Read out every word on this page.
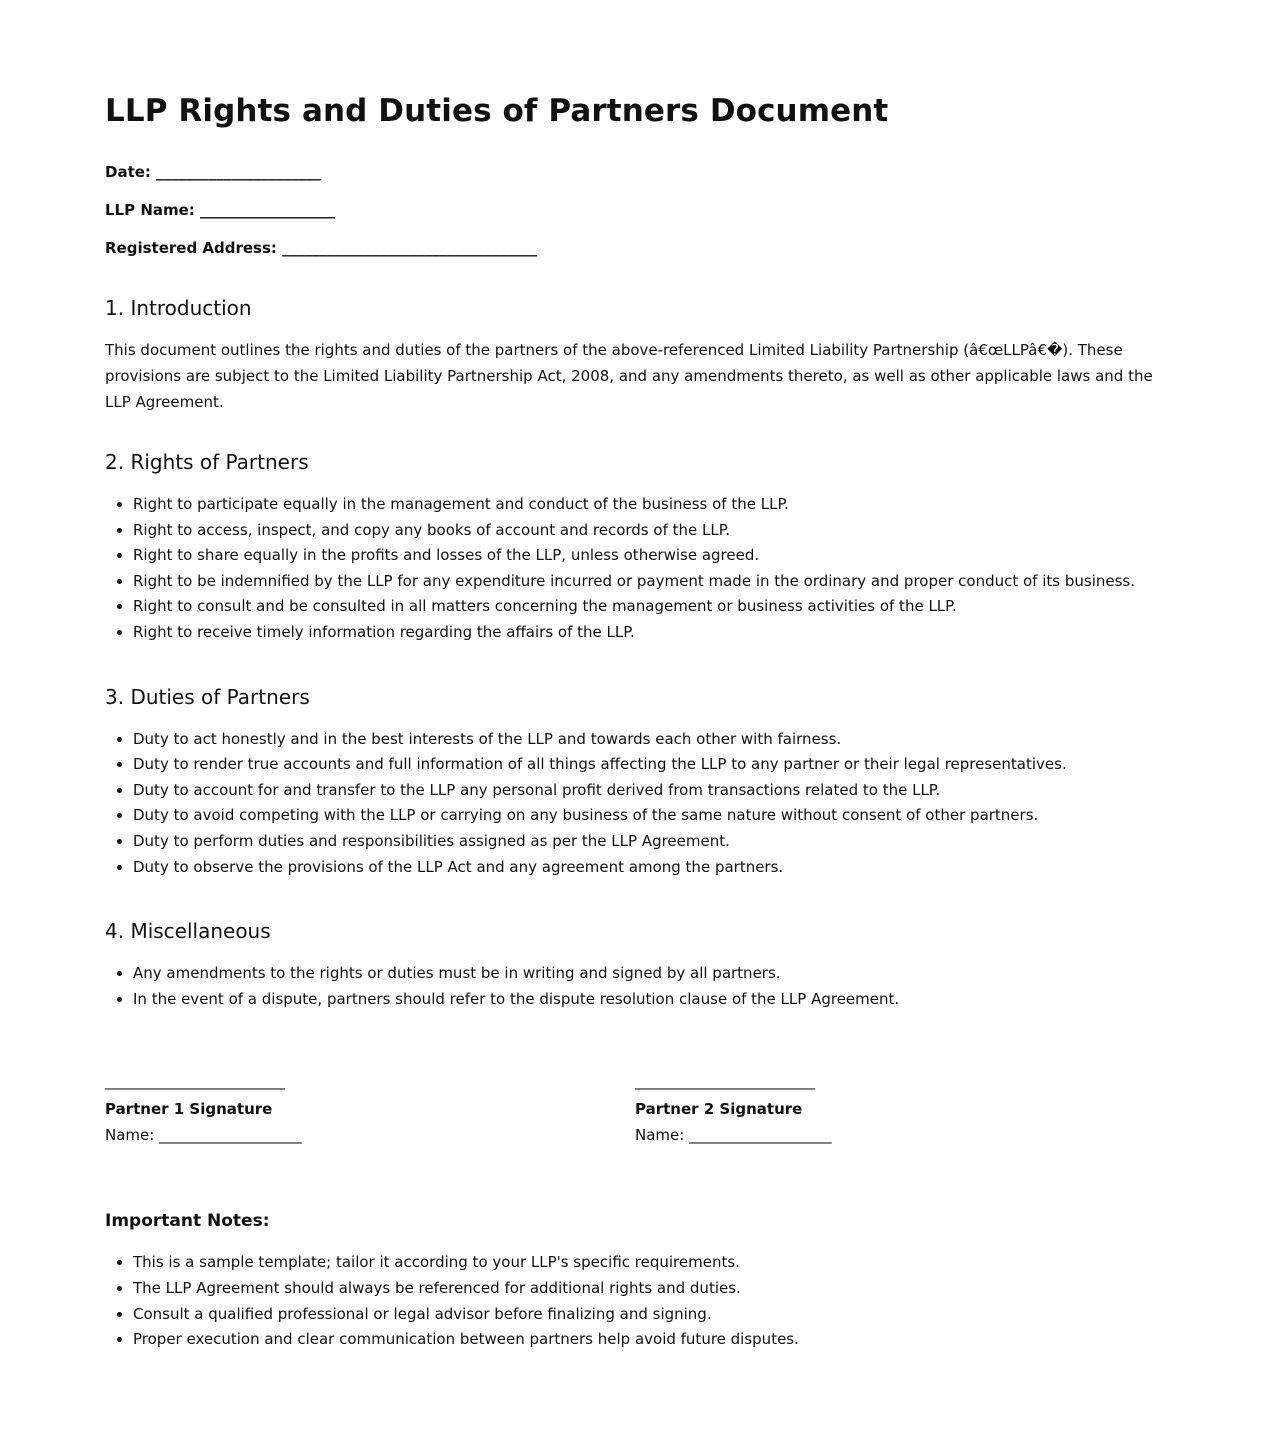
LLP Rights and Duties of Partners Document
Date: ______________________
LLP Name: __________________
Registered Address: __________________________________
1. Introduction

This document outlines the rights and duties of the partners of the above-referenced Limited Liability Partnership (â€œLLPâ€�). These provisions are subject to the Limited Liability Partnership Act, 2008, and any amendments thereto, as well as other applicable laws and the LLP Agreement.

2. Rights of Partners
• Right to participate equally in the management and conduct of the business of the LLP.
• Right to access, inspect, and copy any books of account and records of the LLP.
• Right to share equally in the profits and losses of the LLP, unless otherwise agreed.
• Right to be indemnified by the LLP for any expenditure incurred or payment made in the ordinary and proper conduct of its business.
• Right to consult and be consulted in all matters concerning the management or business activities of the LLP.
• Right to receive timely information regarding the affairs of the LLP.
3. Duties of Partners
• Duty to act honestly and in the best interests of the LLP and towards each other with fairness.
• Duty to render true accounts and full information of all things affecting the LLP to any partner or their legal representatives.
• Duty to account for and transfer to the LLP any personal profit derived from transactions related to the LLP.
• Duty to avoid competing with the LLP or carrying on any business of the same nature without consent of other partners.
• Duty to perform duties and responsibilities assigned as per the LLP Agreement.
• Duty to observe the provisions of the LLP Act and any agreement among the partners.
4. Miscellaneous
• Any amendments to the rights or duties must be in writing and signed by all partners.
• In the event of a dispute, partners should refer to the dispute resolution clause of the LLP Agreement.
________________________
Partner 1 Signature
Name: ___________________
________________________
Partner 2 Signature
Name: ___________________
Important Notes:
• This is a sample template; tailor it according to your LLP's specific requirements.
• The LLP Agreement should always be referenced for additional rights and duties.
• Consult a qualified professional or legal advisor before finalizing and signing.
• Proper execution and clear communication between partners help avoid future disputes.
